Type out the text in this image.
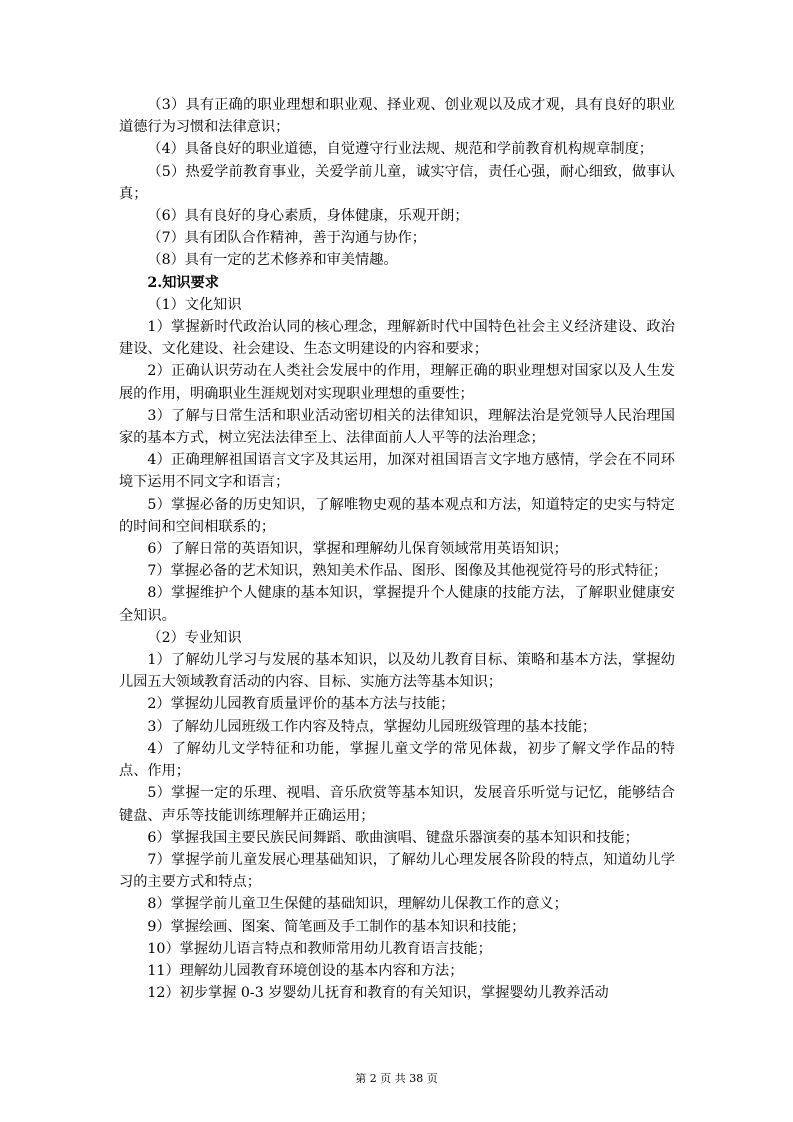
（3）具有正确的职业理想和职业观、择业观、创业观以及成才观，具有良好的职业道德行为习惯和法律意识；

（4）具备良好的职业道德，自觉遵守行业法规、规范和学前教育机构规章制度；

（5）热爱学前教育事业，关爱学前儿童，诚实守信，责任心强，耐心细致，做事认真；

（6）具有良好的身心素质，身体健康，乐观开朗；

（7）具有团队合作精神，善于沟通与协作；

（8）具有一定的艺术修养和审美情趣。

2.知识要求

（1）文化知识

1）掌握新时代政治认同的核心理念，理解新时代中国特色社会主义经济建设、政治建设、文化建设、社会建设、生态文明建设的内容和要求；

2）正确认识劳动在人类社会发展中的作用，理解正确的职业理想对国家以及人生发展的作用，明确职业生涯规划对实现职业理想的重要性；

3）了解与日常生活和职业活动密切相关的法律知识，理解法治是党领导人民治理国家的基本方式，树立宪法法律至上、法律面前人人平等的法治理念；

4）正确理解祖国语言文字及其运用，加深对祖国语言文字地方感情，学会在不同环境下运用不同文字和语言；

5）掌握必备的历史知识，了解唯物史观的基本观点和方法，知道特定的史实与特定的时间和空间相联系的；

6）了解日常的英语知识，掌握和理解幼儿保育领域常用英语知识；

7）掌握必备的艺术知识，熟知美术作品、图形、图像及其他视觉符号的形式特征；

8）掌握维护个人健康的基本知识，掌握提升个人健康的技能方法，了解职业健康安全知识。

（2）专业知识

1）了解幼儿学习与发展的基本知识，以及幼儿教育目标、策略和基本方法，掌握幼儿园五大领域教育活动的内容、目标、实施方法等基本知识；

2）掌握幼儿园教育质量评价的基本方法与技能；

3）了解幼儿园班级工作内容及特点，掌握幼儿园班级管理的基本技能；

4）了解幼儿文学特征和功能，掌握儿童文学的常见体裁，初步了解文学作品的特点、作用；

5）掌握一定的乐理、视唱、音乐欣赏等基本知识，发展音乐听觉与记忆，能够结合键盘、声乐等技能训练理解并正确运用；

6）掌握我国主要民族民间舞蹈、歌曲演唱、键盘乐器演奏的基本知识和技能；

7）掌握学前儿童发展心理基础知识，了解幼儿心理发展各阶段的特点，知道幼儿学习的主要方式和特点；

8）掌握学前儿童卫生保健的基础知识，理解幼儿保教工作的意义；

9）掌握绘画、图案、简笔画及手工制作的基本知识和技能；

10）掌握幼儿语言特点和教师常用幼儿教育语言技能；

11）理解幼儿园教育环境创设的基本内容和方法；

12）初步掌握 0-3 岁婴幼儿抚育和教育的有关知识，掌握婴幼儿教养活动

第 2 页 共 38 页
